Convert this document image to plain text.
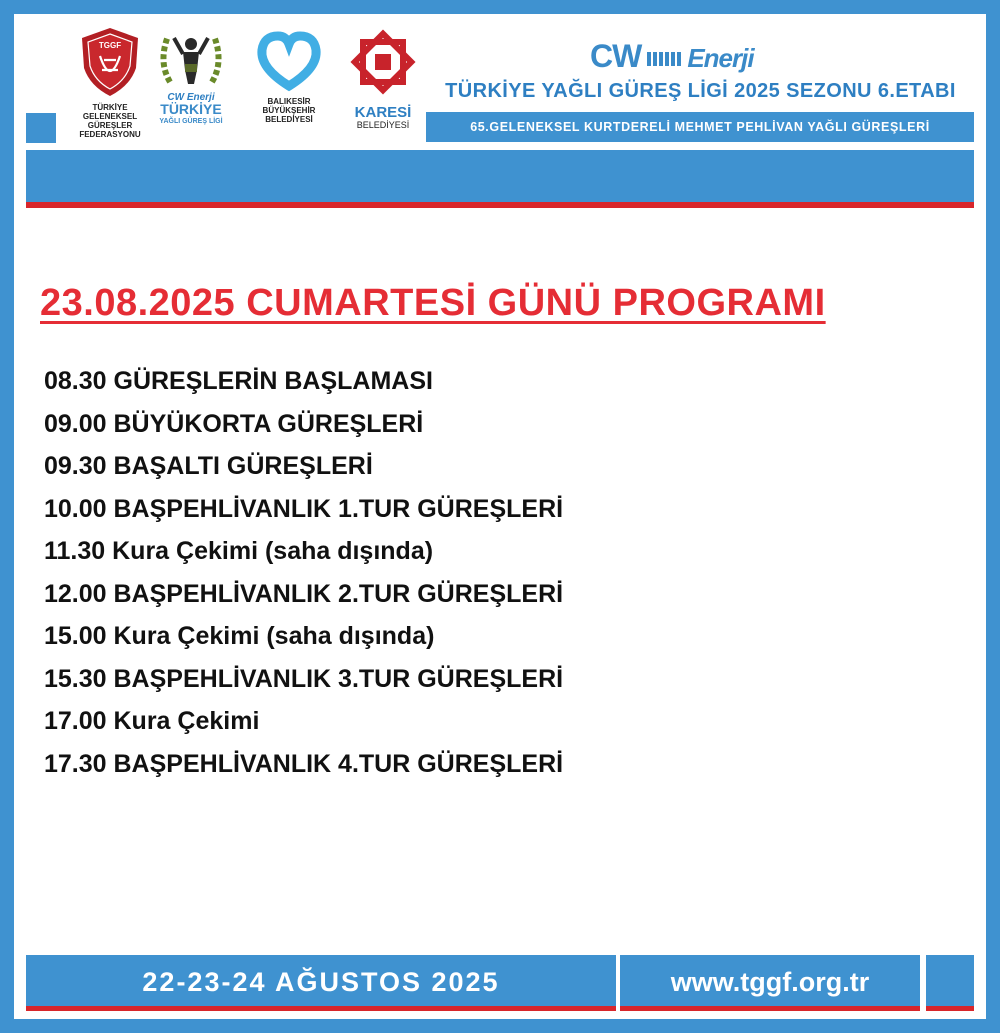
TGGF
TÜRKİYE
GELENEKSEL GÜREŞLER
FEDERASYONU
CW Enerji
TÜRKİYE
YAĞLI GÜREŞ LİGİ
BALIKESİR
BÜYÜKŞEHİR
BELEDİYESİ	KARESİ
BELEDİYESİ
CW Enerji
TÜRKİYE YAĞLI GÜREŞ LİGİ 2025 SEZONU 6.ETABI
65.GELENEKSEL KURTDERELİ MEHMET PEHLİVAN YAĞLI GÜREŞLERİ
23.08.2025 CUMARTESİ GÜNÜ PROGRAMI
08.30 GÜREŞLERİN BAŞLAMASI
09.00 BÜYÜKORTA GÜREŞLERİ
09.30 BAŞALTI GÜREŞLERİ
10.00 BAŞPEHLİVANLIK 1.TUR GÜREŞLERİ
11.30 Kura Çekimi (saha dışında)
12.00 BAŞPEHLİVANLIK 2.TUR GÜREŞLERİ
15.00 Kura Çekimi (saha dışında)
15.30 BAŞPEHLİVANLIK 3.TUR GÜREŞLERİ
17.00 Kura Çekimi
17.30 BAŞPEHLİVANLIK 4.TUR GÜREŞLERİ
22-23-24 AĞUSTOS 2025	www.tggf.org.tr
